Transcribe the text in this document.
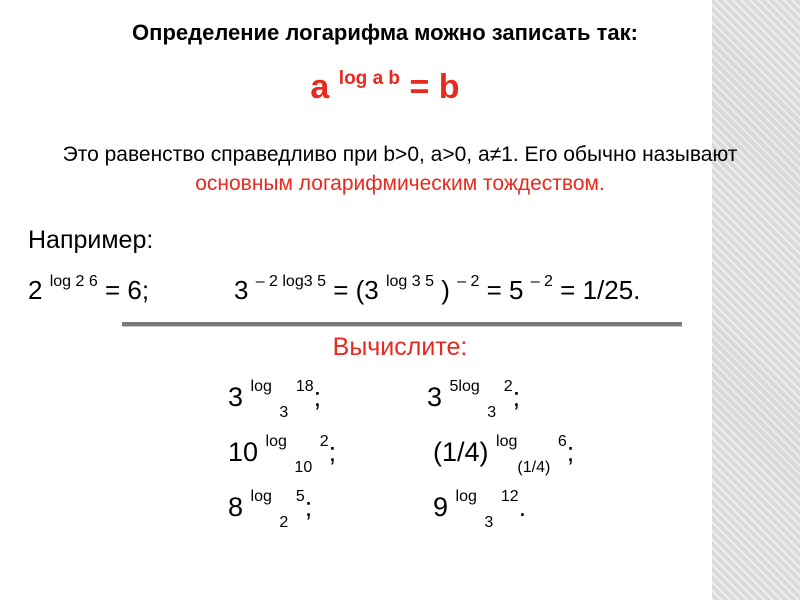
Определение логарифма можно записать так:
a $^{log a b}$ = b
Это равенство справедливо при b>0, a>0, a≠1. Его обычно называют
основным логарифмическим тождеством.
Например:
2 $^{log 2 6}$ = 6;	3 $^{- 2 log3 5}$ = (3 $^{log 3 5}$ ) $^{- 2}$ = 5 $^{- 2}$ = 1/25.
Вычислите:
3 $^{log}$ $_3$ $^{18}$;	3 $^{5log}$ $_3$ $^2$;
10 $^{log}$ $_{10}$ $^2$;	(1/4) $^{log}_{(1/4)}$ $^6$;
8 $^{log}$ $_2$ $^5$;	9 $^{log}$ $_3$ $^{12}$.
